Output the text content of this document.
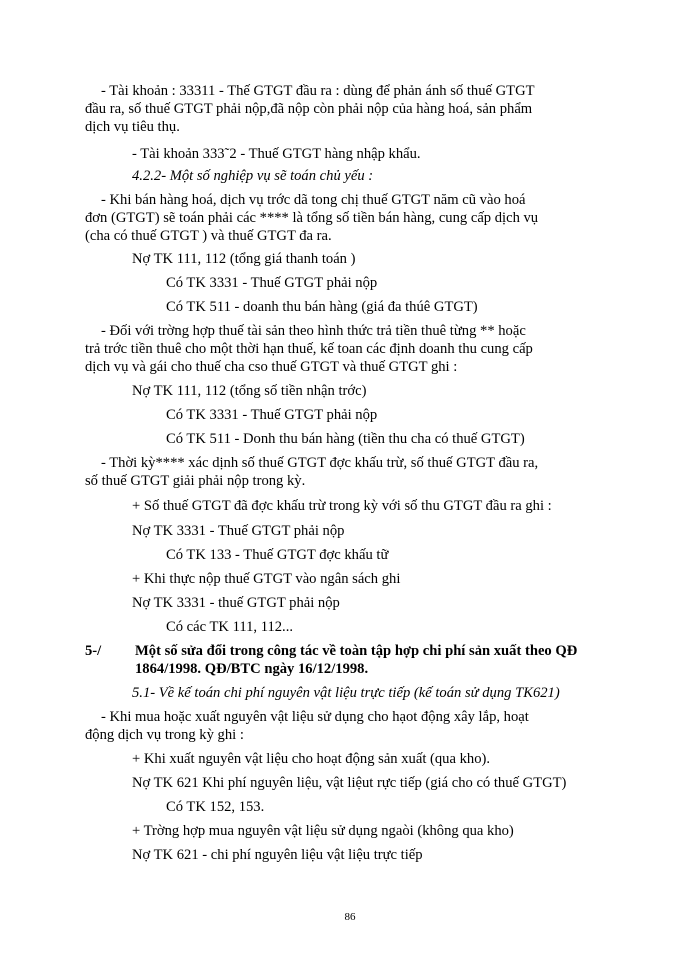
- Tài khoản : 33311 - Thế GTGT đầu ra : dùng để phản ánh số thuế GTGT
đầu ra, số thuế GTGT phải nộp,đã nộp còn phải nộp của hàng hoá, sản phẩm
dịch vụ tiêu thụ.
- Tài khoản 333˜2 - Thuế GTGT hàng nhập khẩu.
4.2.2- Một số nghiệp vụ sẽ toán chủ yếu :
- Khi bán hàng hoá, dịch vụ trớc dã tong chị thuế GTGT năm cũ vào hoá
đơn (GTGT) sẽ toán phải các **** là tổng số tiền bán hàng, cung cấp dịch vụ
(cha có thuế GTGT ) và thuế GTGT đa ra.
Nợ TK 111, 112 (tổng giá thanh toán )
Có TK 3331 - Thuế GTGT phải nộp
Có TK 511 - doanh thu bán hàng (giá đa thúê GTGT)
- Đối với trờng hợp thuế tài sản theo hình thức trả tiền thuê từng ** hoặc
trả trớc tiền thuê cho một thời hạn thuế, kế toan các định doanh thu cung cấp
dịch vụ và gái cho thuế cha cso thuế GTGT và thuế GTGT ghi :
Nợ TK 111, 112 (tổng số tiền nhận trớc)
Có TK 3331 - Thuế GTGT phải nộp
Có TK 511 - Donh thu bán hàng (tiền thu cha có thuế GTGT)
- Thời kỳ**** xác dịnh số thuế GTGT đợc khấu trừ, số thuế GTGT đầu ra,
số thuế GTGT giải phải nộp trong kỳ.
+ Số thuế GTGT đã đợc khấu trừ trong kỳ với số thu GTGT đầu ra ghi :
Nợ TK 3331 - Thuế GTGT phải nộp
Có TK 133 - Thuế GTGT đợc khấu tữ
+ Khi thực nộp thuế GTGT vào ngân sách ghi
Nợ TK 3331 - thuế GTGT phải nộp
Có các TK 111, 112...
5-/ Một số sửa đổi trong công tác về toàn tập hợp chi phí sản xuất theo QĐ
1864/1998. QĐ/BTC ngày 16/12/1998.
5.1- Về kế toán chi phí nguyên vật liệu trực tiếp (kế toán sử dụng TK621)
- Khi mua hoặc xuất nguyên vật liệu sử dụng cho hạot động xây lắp, hoạt
động dịch vụ trong kỳ ghi :
+ Khi xuất nguyên vật liệu cho hoạt động sản xuất (qua kho).
Nợ TK 621 Khi phí nguyên liệu, vật liệut rực tiếp (giá cho có thuế GTGT)
Có TK 152, 153.
+ Trờng hợp mua nguyên vật liệu sử dụng ngaòi (không qua kho)
Nợ TK 621 - chi phí nguyên liệu vật liệu trực tiếp
86
